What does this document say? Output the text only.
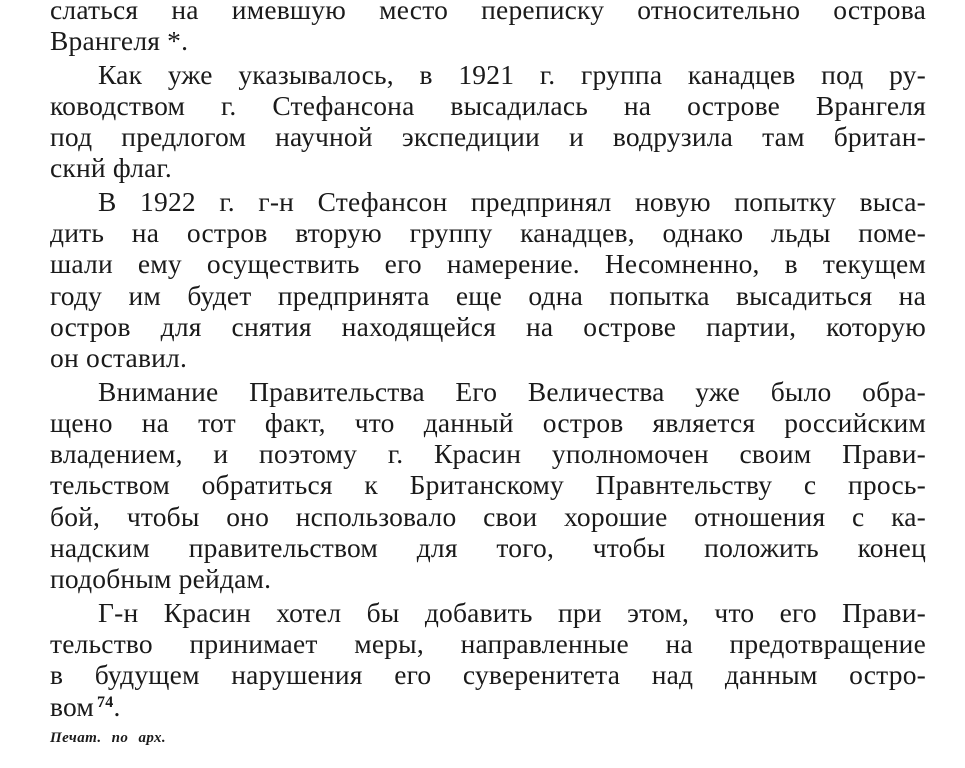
слаться на имевшую место переписку относительно острова
Врангеля *.
Как уже указывалось, в 1921 г. группа канадцев под ру-
ководством г. Стефансона высадилась на острове Врангеля
под предлогом научной экспедиции и водрузила там британ-
скнй флаг.
В 1922 г. г-н Стефансон предпринял новую попытку выса-
дить на остров вторую группу канадцев, однако льды поме-
шали ему осуществить его намерение. Несомненно, в текущем
году им будет предпринята еще одна попытка высадиться на
остров для снятия находящейся на острове партии, которую
он оставил.
Внимание Правительства Его Величества уже было обра-
щено на тот факт, что данный остров является российским
владением, и поэтому г. Красин уполномочен своим Прави-
тельством обратиться к Британскому Правнтельству с прось-
бой, чтобы оно нспользовало свои хорошие отношения с ка-
надским правительством для того, чтобы положить конец
подобным рейдам.
Г-н Красин хотел бы добавить при этом, что его Прави-
тельство принимает меры, направленные на предотвращение
в будущем нарушения его суверенитета над данным остро-
вом $^{74}$.
Печат. по арх.
